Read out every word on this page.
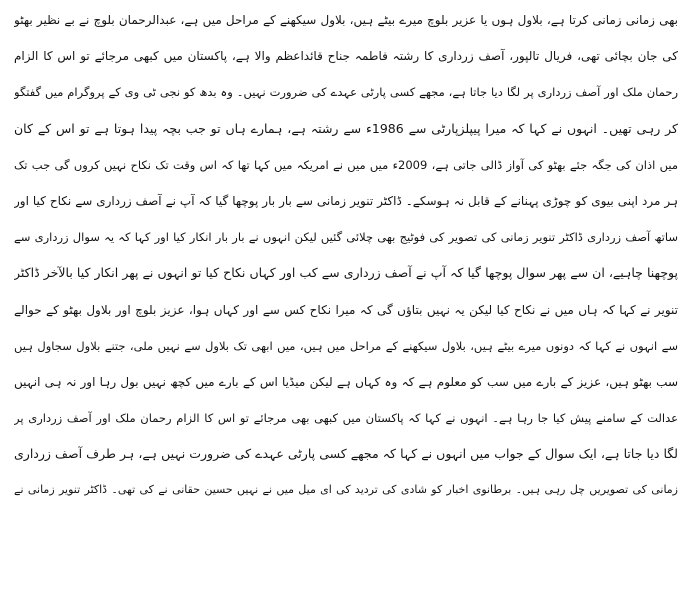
بھی زمانی زمانی کرتا ہے، بلاول ہوں یا عزیر بلوچ میرے بیٹے ہیں، بلاول سیکھنے کے مراحل میں ہے، عبدالرحمان بلوچ نے بے نظیر بھٹو
کی جان بچائی تھی، فریال تالپور، آصف زرداری کا رشتہ فاطمہ جناح قائداعظم والا ہے، پاکستان میں کبھی مرجائے تو اس کا الزام
رحمان ملک اور آصف زرداری پر لگا دیا جاتا ہے، مجھے کسی پارٹی عہدے کی ضرورت نہیں۔ وہ بدھ کو نجی ٹی وی کے پروگرام میں گفتگو
کر رہی تھیں۔ انہوں نے کہا کہ میرا پیپلزپارٹی سے 1986ء سے رشتہ ہے، ہمارے ہاں تو جب بچہ پیدا ہوتا ہے تو اس کے کان
میں اذان کی جگہ جئے بھٹو کی آواز ڈالی جاتی ہے، 2009ء میں میں نے امریکہ میں کہا تھا کہ اس وقت تک نکاح نہیں کروں گی جب تک
ہر مرد اپنی بیوی کو چوڑی پہنانے کے قابل نہ ہوسکے۔ ڈاکٹر تنویر زمانی سے بار بار پوچھا گیا کہ آپ نے آصف زرداری سے نکاح کیا اور
ساتھ آصف زرداری ڈاکٹر تنویر زمانی کی تصویر کی فوٹیج بھی چلائی گئیں لیکن انہوں نے بار بار انکار کیا اور کہا کہ یہ سوال زرداری سے
پوچھنا چاہیے، ان سے پھر سوال پوچھا گیا کہ آپ نے آصف زرداری سے کب اور کہاں نکاح کیا تو انہوں نے پھر انکار کیا بالآخر ڈاکٹر
تنویر نے کہا کہ ہاں میں نے نکاح کیا لیکن یہ نہیں بتاؤں گی کہ میرا نکاح کس سے اور کہاں ہوا، عزیز بلوچ اور بلاول بھٹو کے حوالے
سے انہوں نے کہا کہ دونوں میرے بیٹے ہیں، بلاول سیکھنے کے مراحل میں ہیں، میں ابھی تک بلاول سے نہیں ملی، جتنے بلاول سجاول ہیں
سب بھٹو ہیں، عزیز کے بارے میں سب کو معلوم ہے کہ وہ کہاں ہے لیکن میڈیا اس کے بارے میں کچھ نہیں بول رہا اور نہ ہی انہیں
عدالت کے سامنے پیش کیا جا رہا ہے۔ انہوں نے کہا کہ پاکستان میں کبھی بھی مرجائے تو اس کا الزام رحمان ملک اور آصف زرداری پر
لگا دیا جاتا ہے، ایک سوال کے جواب میں انہوں نے کہا کہ مجھے کسی پارٹی عہدے کی ضرورت نہیں ہے، ہر طرف آصف زرداری
زمانی کی تصویریں چل رہی ہیں۔ برطانوی اخبار کو شادی کی تردید کی ای میل میں نے نہیں حسین حقانی نے کی تھی۔ ڈاکٹر تنویر زمانی نے
